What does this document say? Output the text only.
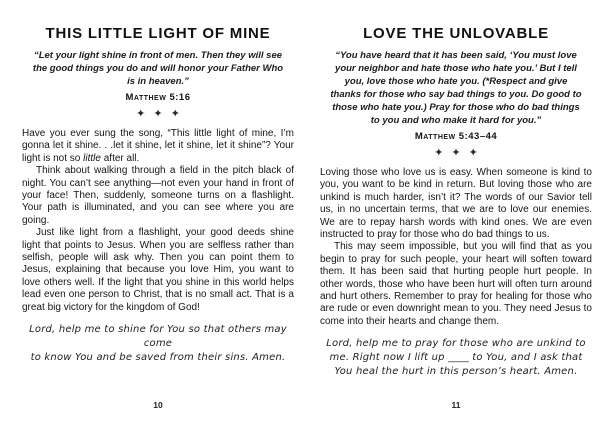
THIS LITTLE LIGHT OF MINE
“Let your light shine in front of men. Then they will see the good things you do and will honor your Father Who is in heaven.”
Matthew 5:16
✦ ✦ ✦

Have you ever sung the song, “This little light of mine, I’m gonna let it shine. . .let it shine, let it shine, let it shine”? Your light is not so little after all.

Think about walking through a field in the pitch black of night. You can’t see anything—not even your hand in front of your face! Then, suddenly, someone turns on a flashlight. Your path is illuminated, and you can see where you are going.

Just like light from a flashlight, your good deeds shine light that points to Jesus. When you are selfless rather than selfish, people will ask why. Then you can point them to Jesus, explaining that because you love Him, you want to love others well. If the light that you shine in this world helps lead even one person to Christ, that is no small act. That is a great big victory for the kingdom of God!

Lord, help me to shine for You so that others may come
to know You and be saved from their sins. Amen.
10
LOVE THE UNLOVABLE
“You have heard that it has been said, ‘You must love your neighbor and hate those who hate you.’ But I tell you, love those who hate you. (*Respect and give thanks for those who say bad things to you. Do good to those who hate you.) Pray for those who do bad things to you and who make it hard for you.”
Matthew 5:43–44
✦ ✦ ✦

Loving those who love us is easy. When someone is kind to you, you want to be kind in return. But loving those who are unkind is much harder, isn’t it? The words of our Savior tell us, in no uncertain terms, that we are to love our enemies. We are to repay harsh words with kind ones. We are even instructed to pray for those who do bad things to us.

This may seem impossible, but you will find that as you begin to pray for such people, your heart will soften toward them. It has been said that hurting people hurt people. In other words, those who have been hurt will often turn around and hurt others. Remember to pray for healing for those who are rude or even downright mean to you. They need Jesus to come into their hearts and change them.

Lord, help me to pray for those who are unkind to
me. Right now I lift up ____ to You, and I ask that
You heal the hurt in this person’s heart. Amen.
11
